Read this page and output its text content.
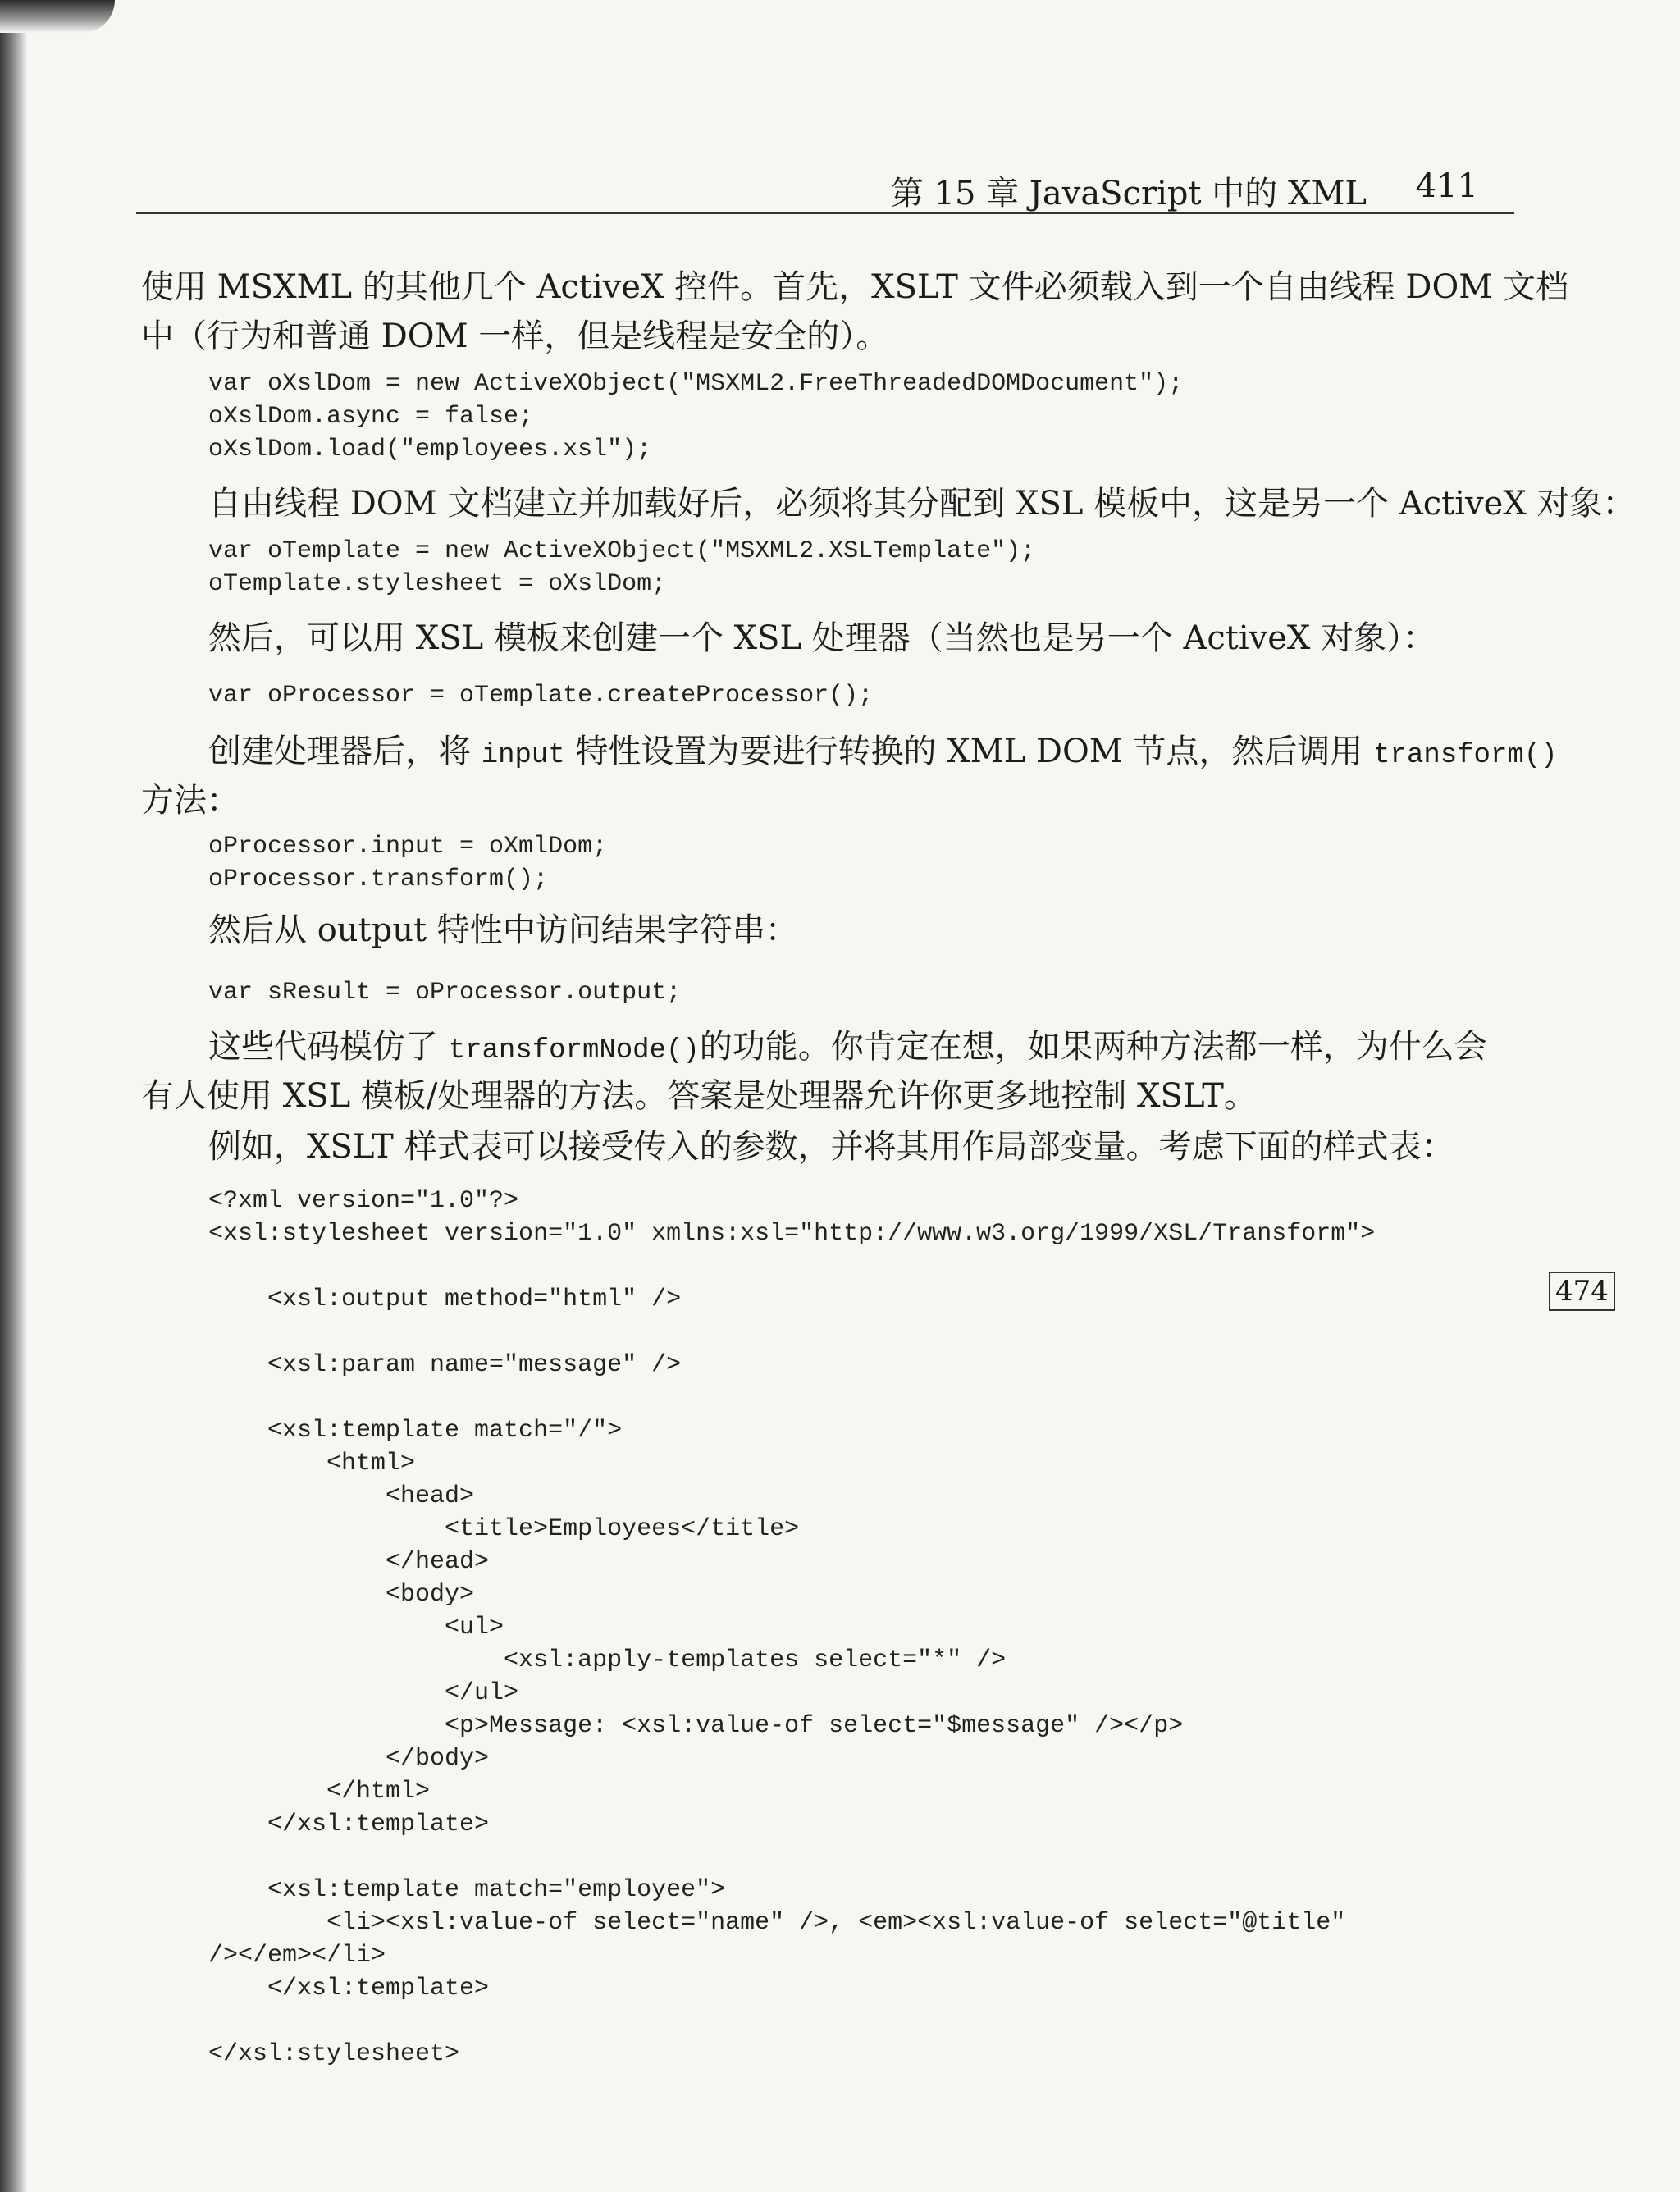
第 15 章 JavaScript 中的 XML 411
474
使用 MSXML 的其他几个 ActiveX 控件。首先，XSLT 文件必须载入到一个自由线程 DOM 文档
中（行为和普通 DOM 一样，但是线程是安全的）。
var oXslDom = new ActiveXObject("MSXML2.FreeThreadedDOMDocument");
oXslDom.async = false;
oXslDom.load("employees.xsl");
自由线程 DOM 文档建立并加载好后，必须将其分配到 XSL 模板中，这是另一个 ActiveX 对象：
var oTemplate = new ActiveXObject("MSXML2.XSLTemplate");
oTemplate.stylesheet = oXslDom;
然后，可以用 XSL 模板来创建一个 XSL 处理器（当然也是另一个 ActiveX 对象）：
var oProcessor = oTemplate.createProcessor();
创建处理器后，将 input 特性设置为要进行转换的 XML DOM 节点，然后调用 transform()
方法：
oProcessor.input = oXmlDom;
oProcessor.transform();
然后从 output 特性中访问结果字符串：
var sResult = oProcessor.output;
这些代码模仿了 transformNode()的功能。你肯定在想，如果两种方法都一样，为什么会
有人使用 XSL 模板/处理器的方法。答案是处理器允许你更多地控制 XSLT。
例如，XSLT 样式表可以接受传入的参数，并将其用作局部变量。考虑下面的样式表：
<?xml version="1.0"?>
<xsl:stylesheet version="1.0" xmlns:xsl="http://www.w3.org/1999/XSL/Transform">

<xsl:output method="html" />

<xsl:param name="message" />

<xsl:template match="/">
<html>
<head>
<title>Employees</title>
</head>
<body>
<ul>
<xsl:apply-templates select="*" />
</ul>
<p>Message: <xsl:value-of select="$message" /></p>
</body>
</html>
</xsl:template>

<xsl:template match="employee">
<li><xsl:value-of select="name" />, <em><xsl:value-of select="@title"
/></em></li>
</xsl:template>

</xsl:stylesheet>
